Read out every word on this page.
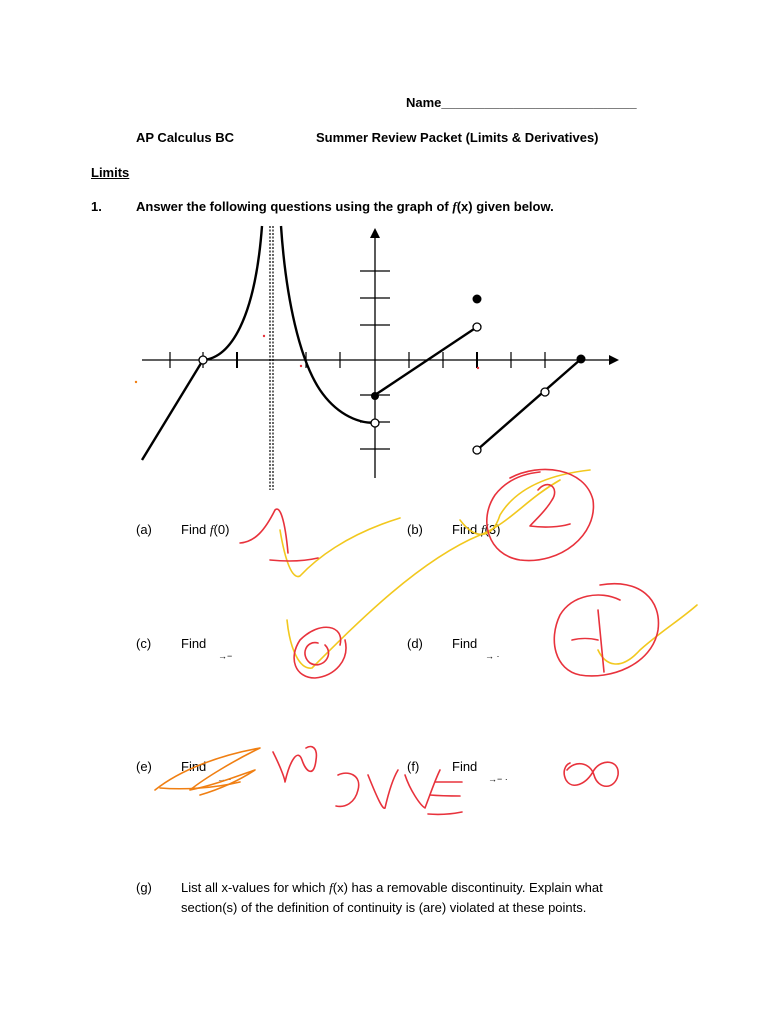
Name___________________________
AP Calculus BC	Summer Review Packet (Limits & Derivatives)
Limits
1.	Answer the following questions using the graph of f(x) given below.
(a) Find f(0)	(b) Find f(3)
(c) Find
→−
(d) Find
→ ·
(e) Find
→ ·
(f)	Find
→− ·
(g) List all x-values for which f(x) has a removable discontinuity. Explain what
section(s) of the definition of continuity is (are) violated at these points.
